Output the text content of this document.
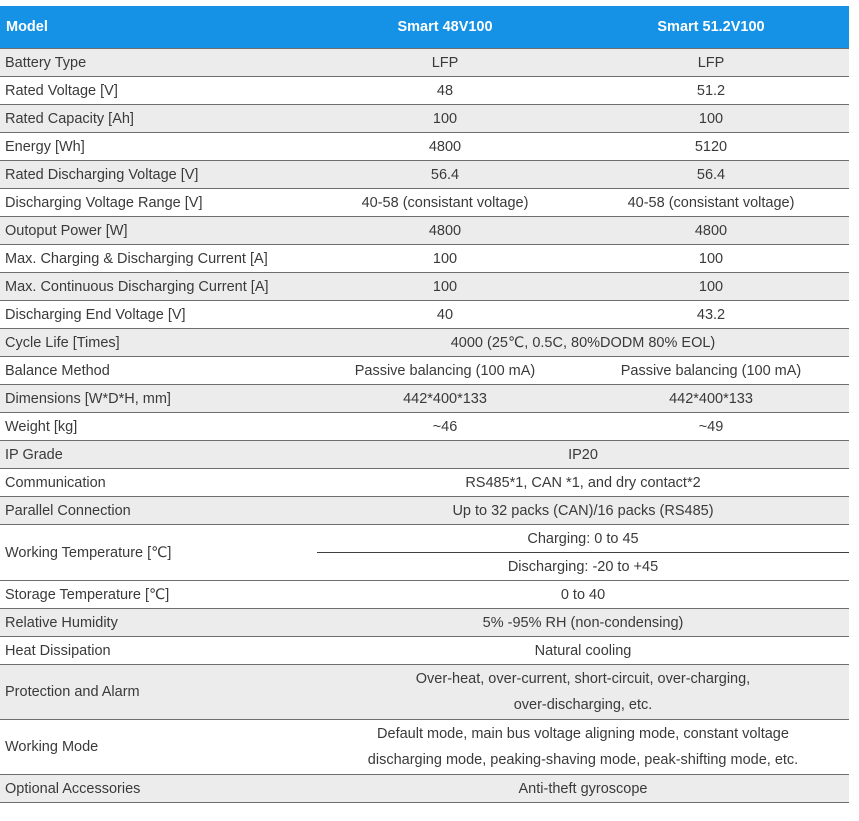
Model	Smart 48V100	Smart 51.2V100
Battery Type	LFP	LFP
Rated Voltage [V]	48	51.2
Rated Capacity [Ah]	100	100
Energy [Wh]	4800	5120
Rated Discharging Voltage [V]	56.4	56.4
Discharging Voltage Range [V]	40-58 (consistant voltage)	40-58 (consistant voltage)
Outoput Power [W]	4800	4800
Max. Charging & Discharging Current [A]	100	100
Max. Continuous Discharging Current [A]	100	100
Discharging End Voltage [V]	40	43.2
Cycle Life [Times]	4000 (25℃, 0.5C, 80%DODM 80% EOL)	
Balance Method	Passive balancing (100 mA)	Passive balancing (100 mA)
Dimensions [W*D*H, mm]	442*400*133	442*400*133
Weight [kg]	~46	~49
IP Grade	IP20	
Communication	RS485*1, CAN *1, and dry contact*2	
Parallel Connection	Up to 32 packs (CAN)/16 packs (RS485)	
Working Temperature [℃]	Charging: 0 to 45	
	Discharging: -20 to +45	
Storage Temperature [℃]	0 to 40	
Relative Humidity	5% -95% RH (non-condensing)	
Heat Dissipation	Natural cooling	
Protection and Alarm	Over-heat, over-current, short-circuit, over-charging,
over-discharging, etc.	
Working Mode	Default mode, main bus voltage aligning mode, constant voltage
discharging mode, peaking-shaving mode, peak-shifting mode, etc.	
Optional Accessories	Anti-theft gyroscope	
